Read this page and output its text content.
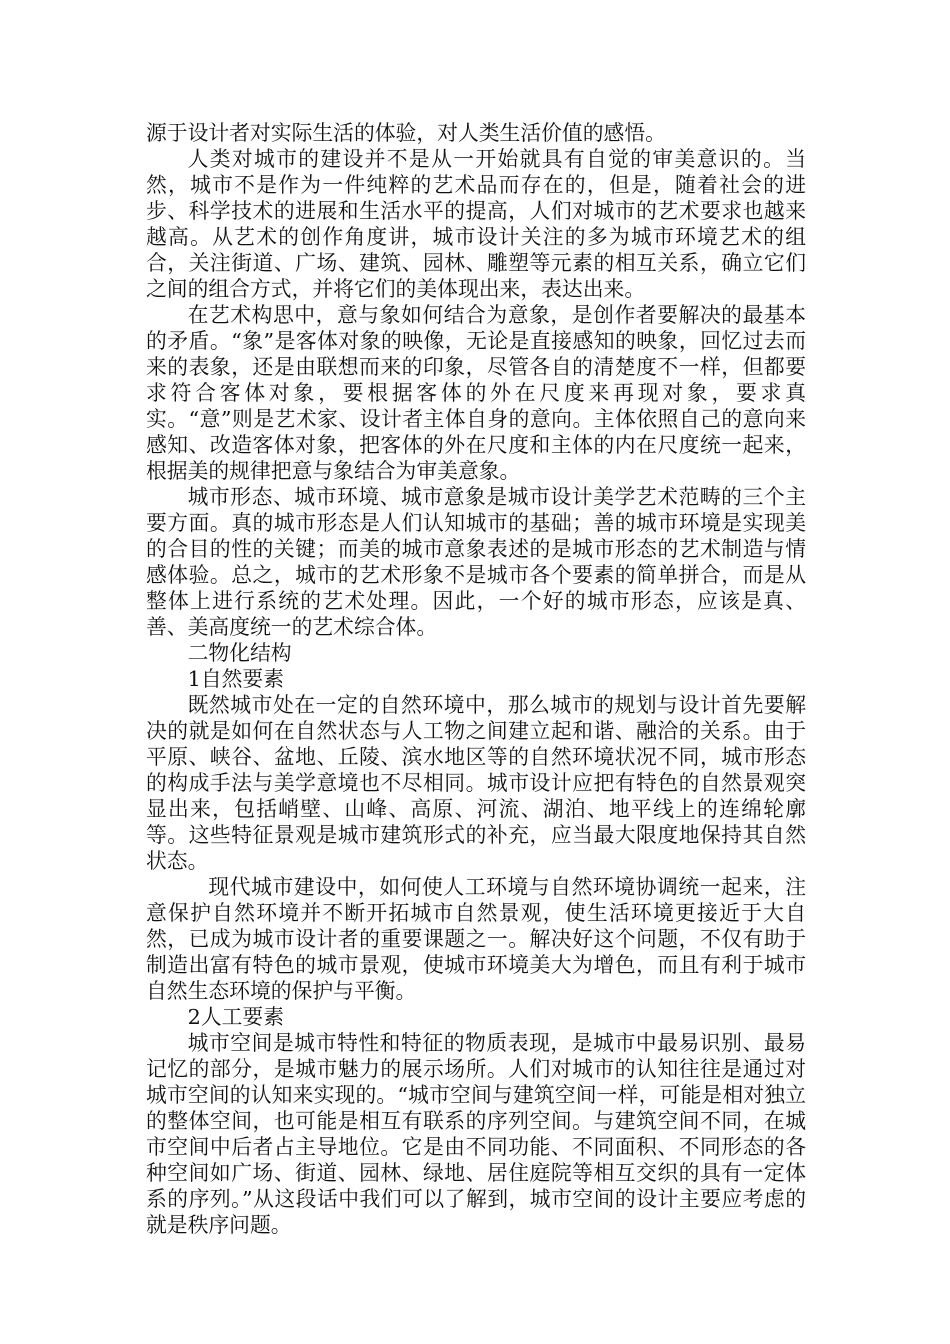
源于设计者对实际生活的体验，对人类生活价值的感悟。

人类对城市的建设并不是从一开始就具有自觉的审美意识的。当然，城市不是作为一件纯粹的艺术品而存在的，但是，随着社会的进步、科学技术的进展和生活水平的提高，人们对城市的艺术要求也越来越高。从艺术的创作角度讲，城市设计关注的多为城市环境艺术的组合，关注街道、广场、建筑、园林、雕塑等元素的相互关系，确立它们之间的组合方式，并将它们的美体现出来，表达出来。

在艺术构思中，意与象如何结合为意象，是创作者要解决的最基本的矛盾。“象”是客体对象的映像，无论是直接感知的映象，回忆过去而来的表象，还是由联想而来的印象，尽管各自的清楚度不一样，但都要求符合客体对象，要根据客体的外在尺度来再现对象，要求真实。“意”则是艺术家、设计者主体自身的意向。主体依照自己的意向来感知、改造客体对象，把客体的外在尺度和主体的内在尺度统一起来，根据美的规律把意与象结合为审美意象。

城市形态、城市环境、城市意象是城市设计美学艺术范畴的三个主要方面。真的城市形态是人们认知城市的基础；善的城市环境是实现美的合目的性的关键；而美的城市意象表述的是城市形态的艺术制造与情感体验。总之，城市的艺术形象不是城市各个要素的简单拼合，而是从整体上进行系统的艺术处理。因此，一个好的城市形态，应该是真、善、美高度统一的艺术综合体。

二物化结构

1自然要素

既然城市处在一定的自然环境中，那么城市的规划与设计首先要解决的就是如何在自然状态与人工物之间建立起和谐、融洽的关系。由于平原、峡谷、盆地、丘陵、滨水地区等的自然环境状况不同，城市形态的构成手法与美学意境也不尽相同。城市设计应把有特色的自然景观突显出来，包括峭壁、山峰、高原、河流、湖泊、地平线上的连绵轮廓等。这些特征景观是城市建筑形式的补充，应当最大限度地保持其自然状态。

现代城市建设中，如何使人工环境与自然环境协调统一起来，注意保护自然环境并不断开拓城市自然景观，使生活环境更接近于大自然，已成为城市设计者的重要课题之一。解决好这个问题，不仅有助于制造出富有特色的城市景观，使城市环境美大为增色，而且有利于城市自然生态环境的保护与平衡。

2人工要素

城市空间是城市特性和特征的物质表现，是城市中最易识别、最易记忆的部分，是城市魅力的展示场所。人们对城市的认知往往是通过对城市空间的认知来实现的。“城市空间与建筑空间一样，可能是相对独立的整体空间，也可能是相互有联系的序列空间。与建筑空间不同，在城市空间中后者占主导地位。它是由不同功能、不同面积、不同形态的各种空间如广场、街道、园林、绿地、居住庭院等相互交织的具有一定体系的序列。”从这段话中我们可以了解到，城市空间的设计主要应考虑的就是秩序问题。
